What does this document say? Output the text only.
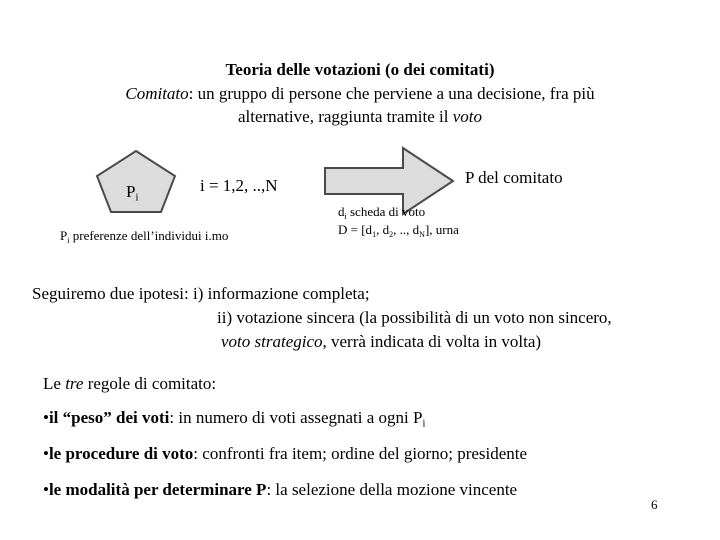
Teoria delle votazioni (o dei comitati)
Comitato: un gruppo di persone che perviene a una decisione, fra più
alternative, raggiunta tramite il voto
$P_i$
i = 1,2, ..,N	P del comitato
$P_i$ preferenze dell’individui i.mo
$d_i$ scheda di voto
$D = [d_1$, $d_2$, .., $d_N$], urna
Seguiremo due ipotesi: i) informazione completa;
ii) votazione sincera (la possibilità di un voto non sincero,
voto strategico, verrà indicata di volta in volta)
Le tre regole di comitato:
•il “peso” dei voti: in numero di voti assegnati a ogni $P_i$
•le procedure di voto: confronti fra item; ordine del giorno; presidente
•le modalità per determinare P: la selezione della mozione vincente
6
